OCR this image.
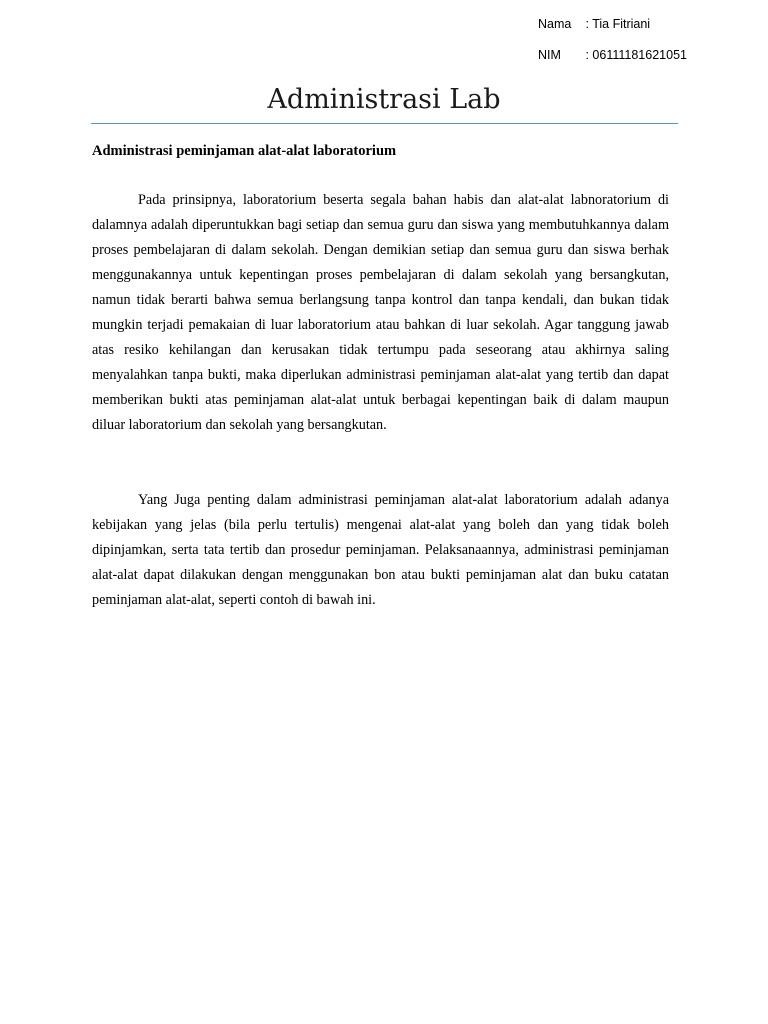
Nama : Tia Fitriani
NIM : 06111181621051
Administrasi Lab
Administrasi peminjaman alat-alat laboratorium

Pada prinsipnya, laboratorium beserta segala bahan habis dan alat-alat labnoratorium di dalamnya adalah diperuntukkan bagi setiap dan semua guru dan siswa yang membutuhkannya dalam proses pembelajaran di dalam sekolah. Dengan demikian setiap dan semua guru dan siswa berhak menggunakannya untuk kepentingan proses pembelajaran di dalam sekolah yang bersangkutan, namun tidak berarti bahwa semua berlangsung tanpa kontrol dan tanpa kendali, dan bukan tidak mungkin terjadi pemakaian di luar laboratorium atau bahkan di luar sekolah. Agar tanggung jawab atas resiko kehilangan dan kerusakan tidak tertumpu pada seseorang atau akhirnya saling menyalahkan tanpa bukti, maka diperlukan administrasi peminjaman alat-alat yang tertib dan dapat memberikan bukti atas peminjaman alat-alat untuk berbagai kepentingan baik di dalam maupun diluar laboratorium dan sekolah yang bersangkutan.

Yang Juga penting dalam administrasi peminjaman alat-alat laboratorium adalah adanya kebijakan yang jelas (bila perlu tertulis) mengenai alat-alat yang boleh dan yang tidak boleh dipinjamkan, serta tata tertib dan prosedur peminjaman. Pelaksanaannya, administrasi peminjaman alat-alat dapat dilakukan dengan menggunakan bon atau bukti peminjaman alat dan buku catatan peminjaman alat-alat, seperti contoh di bawah ini.
